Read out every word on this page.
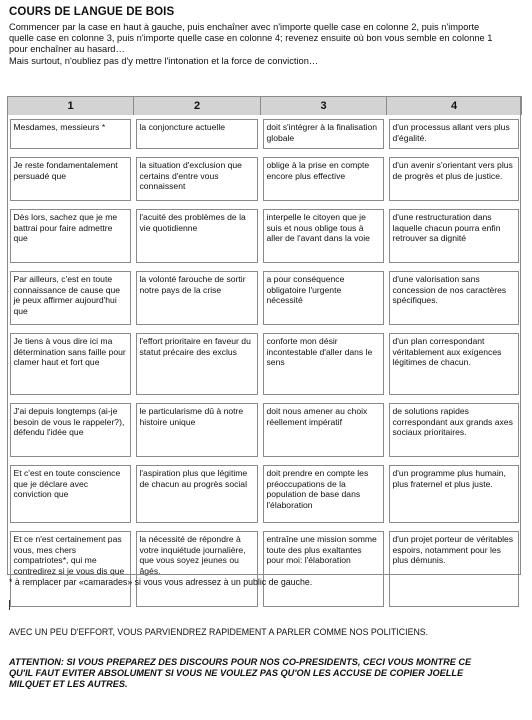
COURS DE LANGUE DE BOIS
Commencer par la case en haut à gauche, puis enchaîner avec n'importe quelle case en colonne 2, puis n'importe
quelle case en colonne 3, puis n'importe quelle case en colonne 4; revenez ensuite où bon vous semble en colonne 1
pour enchaîner au hasard…
Mais surtout, n'oubliez pas d'y mettre l'intonation et la force de conviction…
1	2	3	4

Mesdames, messieurs *	la conjoncture actuelle	doit s'intégrer à la finalisation globale	d'un processus allant vers plus d'égalité.

Je reste fondamentalement persuadé que	la situation d'exclusion que certains d'entre vous connaissent	oblige à la prise en compte encore plus effective	d'un avenir s'orientant vers plus de progrès et plus de justice.

Dès lors, sachez que je me battrai pour faire admettre que	l'acuité des problèmes de la vie quotidienne	interpelle le citoyen que je suis et nous oblige tous à aller de l'avant dans la voie	d'une restructuration dans laquelle chacun pourra enfin retrouver sa dignité

Par ailleurs, c'est en toute connaissance de cause que je peux affirmer aujourd'hui que	la volonté farouche de sortir notre pays de la crise	a pour conséquence obligatoire l'urgente nécessité	d'une valorisation sans concession de nos caractères spécifiques.

Je tiens à vous dire ici ma détermination sans faille pour clamer haut et fort que	l'effort prioritaire en faveur du statut précaire des exclus	conforte mon désir incontestable d'aller dans le sens	d'un plan correspondant véritablement aux exigences légitimes de chacun.

J'ai depuis longtemps (ai-je besoin de vous le rappeler?), défendu l'idée que	le particularisme dû à notre histoire unique	doit nous amener au choix réellement impératif	de solutions rapides correspondant aux grands axes sociaux prioritaires.

Et c'est en toute conscience que je déclare avec conviction que	l'aspiration plus que légitime de chacun au progrès social	doit prendre en compte les préoccupations de la population de base dans l'élaboration	d'un programme plus humain, plus fraternel et plus juste.

Et ce n'est certainement pas vous, mes chers compatriotes*, qui me contredirez si je vous dis que	la nécessité de répondre à votre inquiétude journalière, que vous soyez jeunes ou âgés,	entraîne une mission somme toute des plus exaltantes pour moi: l'élaboration	d'un projet porteur de véritables espoirs, notamment pour les plus démunis.
* à remplacer par «camarades» si vous vous adressez à un public de gauche.
AVEC UN PEU D'EFFORT, VOUS PARVIENDREZ RAPIDEMENT A PARLER COMME NOS POLITICIENS.
ATTENTION: SI VOUS PREPAREZ DES DISCOURS POUR NOS CO-PRESIDENTS, CECI VOUS MONTRE CE
QU'IL FAUT EVITER ABSOLUMENT SI VOUS NE VOULEZ PAS QU'ON LES ACCUSE DE COPIER JOELLE
MILQUET ET LES AUTRES.
